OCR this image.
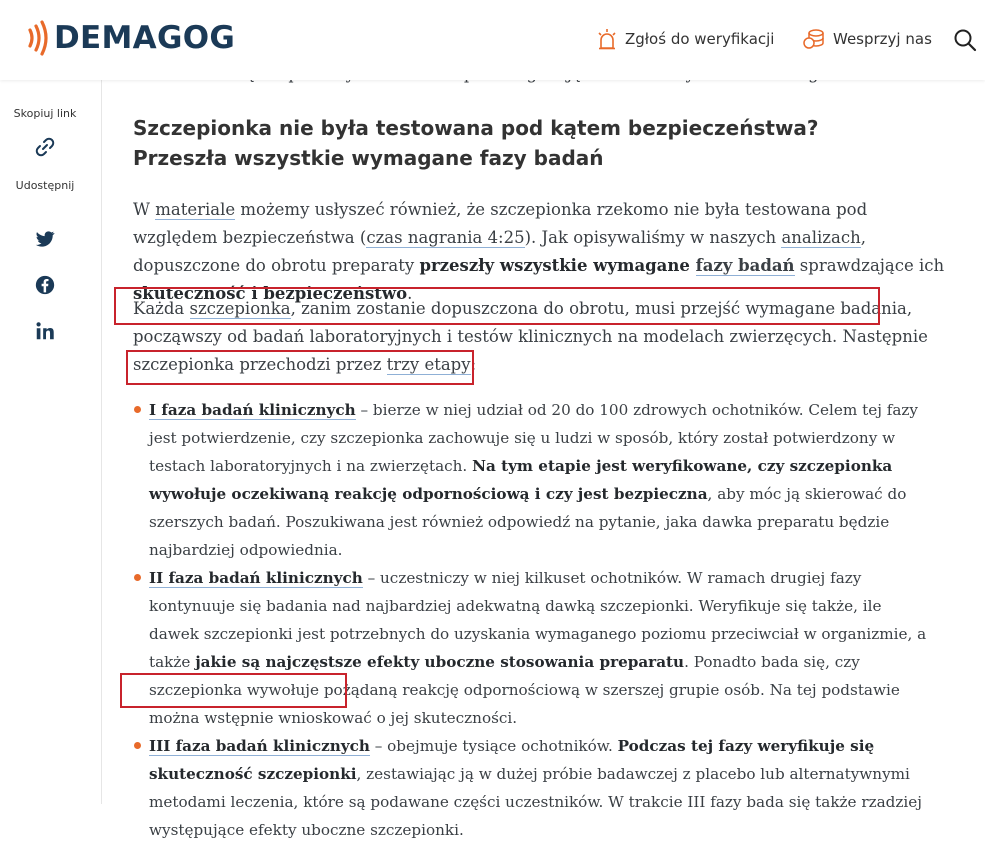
DEMAGOG	Zgłoś do weryfikacji	Wesprzyj nas
Skopiuj link
Udostępnij
Szczepionka nie była testowana pod kątem bezpieczeństwa? Przeszła wszystkie wymagane fazy badań

W materiale możemy usłyszeć również, że szczepionka rzekomo nie była testowana pod względem bezpieczeństwa (czas nagrania 4:25). Jak opisywaliśmy w naszych analizach, dopuszczone do obrotu preparaty przeszły wszystkie wymagane fazy badań sprawdzające ich skuteczność i bezpieczeństwo.

Każda szczepionka, zanim zostanie dopuszczona do obrotu, musi przejść wymagane badania, począwszy od badań laboratoryjnych i testów klinicznych na modelach zwierzęcych. Następnie szczepionka przechodzi przez trzy etapy:

I faza badań klinicznych – bierze w niej udział od 20 do 100 zdrowych ochotników. Celem tej fazy jest potwierdzenie, czy szczepionka zachowuje się u ludzi w sposób, który został potwierdzony w testach laboratoryjnych i na zwierzętach. Na tym etapie jest weryfikowane, czy szczepionka wywołuje oczekiwaną reakcję odpornościową i czy jest bezpieczna, aby móc ją skierować do szerszych badań. Poszukiwana jest również odpowiedź na pytanie, jaka dawka preparatu będzie najbardziej odpowiednia.
II faza badań klinicznych – uczestniczy w niej kilkuset ochotników. W ramach drugiej fazy kontynuuje się badania nad najbardziej adekwatną dawką szczepionki. Weryfikuje się także, ile dawek szczepionki jest potrzebnych do uzyskania wymaganego poziomu przeciwciał w organizmie, a także jakie są najczęstsze efekty uboczne stosowania preparatu. Ponadto bada się, czy szczepionka wywołuje pożądaną reakcję odpornościową w szerszej grupie osób. Na tej podstawie można wstępnie wnioskować o jej skuteczności.
III faza badań klinicznych – obejmuje tysiące ochotników. Podczas tej fazy weryfikuje się skuteczność szczepionki, zestawiając ją w dużej próbie badawczej z placebo lub alternatywnymi metodami leczenia, które są podawane części uczestników. W trakcie III fazy bada się także rzadziej występujące efekty uboczne szczepionki.
